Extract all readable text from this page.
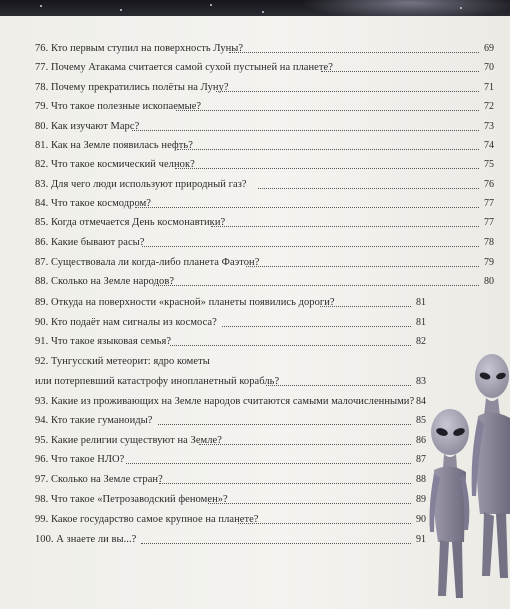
76. Кто первым ступил на поверхность Луны?	69
77. Почему Атакама считается самой сухой пустыней на планете?	70
78. Почему прекратились полёты на Луну?	71
79. Что такое полезные ископаемые?	72
80. Как изучают Марс?	73
81. Как на Земле появилась нефть?	74
82. Что такое космический челнок?	75
83. Для чего люди используют природный газ?	76
84. Что такое космодром?	77
85. Когда отмечается День космонавтики?	77
86. Какие бывают расы?	78
87. Существовала ли когда-либо планета Фаэтон?	79
88. Сколько на Земле народов?	80
89. Откуда на поверхности «красной» планеты появились дороги?	81
90. Кто подаёт нам сигналы из космоса?	81
91. Что такое языковая семья?	82
92. Тунгусский метеорит: ядро кометы
или потерпевший катастрофу инопланетный корабль?	83
93. Какие из проживающих на Земле народов считаются самыми малочисленными? 84
94. Кто такие гуманоиды?	85
95. Какие религии существуют на Земле?	86
96. Что такое НЛО?	87
97. Сколько на Земле стран?	88
98. Что такое «Петрозаводский феномен»?	89
99. Какое государство самое крупное на планете?	90
100. А знаете ли вы...?	91
